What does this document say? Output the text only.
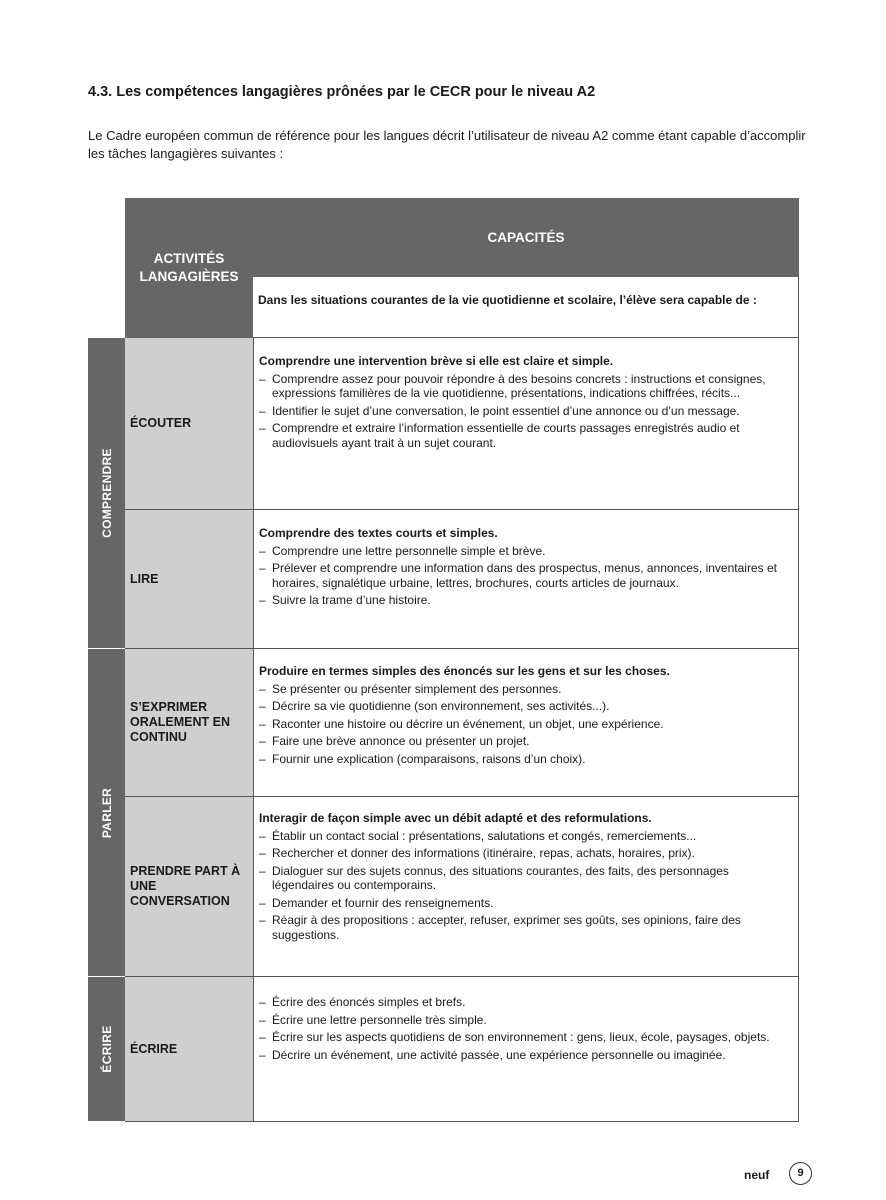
4.3. Les compétences langagières prônées par le CECR pour le niveau A2
Le Cadre européen commun de référence pour les langues décrit l’utilisateur de niveau A2 comme étant capable d’accomplir les tâches langagières suivantes :
ACTIVITÉS LANGAGIÈRES
CAPACITÉS
Dans les situations courantes de la vie quotidienne et scolaire, l’élève sera capable de :
COMPRENDRE
ÉCOUTER
Comprendre une intervention brève si elle est claire et simple.
– Comprendre assez pour pouvoir répondre à des besoins concrets : instructions et consignes, expressions familières de la vie quotidienne, présentations, indications chiffrées, récits...
– Identifier le sujet d’une conversation, le point essentiel d’une annonce ou d’un message.
– Comprendre et extraire l’information essentielle de courts passages enregistrés audio et audiovisuels ayant trait à un sujet courant.
LIRE
Comprendre des textes courts et simples.
– Comprendre une lettre personnelle simple et brève.
– Prélever et comprendre une information dans des prospectus, menus, annonces, inventaires et horaires, signalétique urbaine, lettres, brochures, courts articles de journaux.
– Suivre la trame d’une histoire.
PARLER
S’EXPRIMER ORALEMENT EN CONTINU
Produire en termes simples des énoncés sur les gens et sur les choses.
– Se présenter ou présenter simplement des personnes.
– Décrire sa vie quotidienne (son environnement, ses activités...).
– Raconter une histoire ou décrire un événement, un objet, une expérience.
– Faire une brève annonce ou présenter un projet.
– Fournir une explication (comparaisons, raisons d’un choix).
PRENDRE PART À UNE CONVERSATION
Interagir de façon simple avec un débit adapté et des reformulations.
– Établir un contact social : présentations, salutations et congés, remerciements...
– Rechercher et donner des informations (itinéraire, repas, achats, horaires, prix).
– Dialoguer sur des sujets connus, des situations courantes, des faits, des personnages légendaires ou contemporains.
– Demander et fournir des renseignements.
– Réagir à des propositions : accepter, refuser, exprimer ses goûts, ses opinions, faire des suggestions.
ÉCRIRE	ÉCRIRE
– Écrire des énoncés simples et brefs.
– Écrire une lettre personnelle très simple.
– Écrire sur les aspects quotidiens de son environnement : gens, lieux, école, paysages, objets.
– Décrire un événement, une activité passée, une expérience personnelle ou imaginée.
neuf	9
